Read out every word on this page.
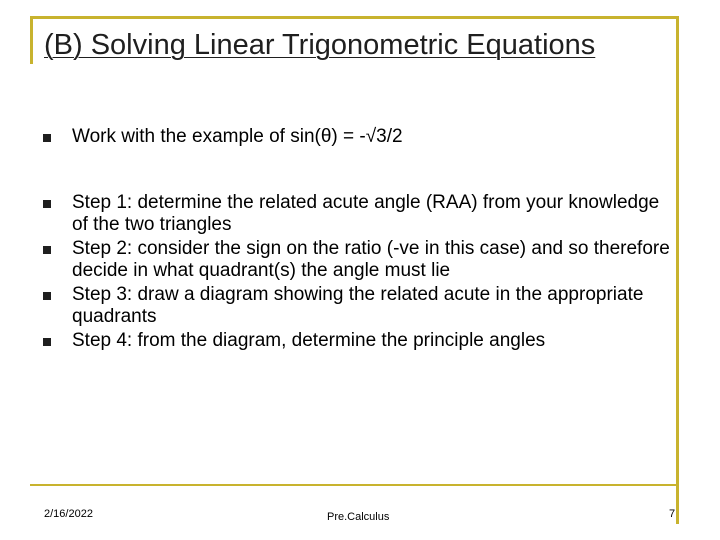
(B) Solving Linear Trigonometric Equations
Work with the example of sin(θ) = -√3/2
Step 1: determine the related acute angle (RAA) from your knowledge of the two triangles
Step 2: consider the sign on the ratio (-ve in this case) and so therefore decide in what quadrant(s) the angle must lie
Step 3: draw a diagram showing the related acute in the appropriate quadrants
Step 4: from the diagram, determine the principle angles
2/16/2022	Pre.Calculus	7
